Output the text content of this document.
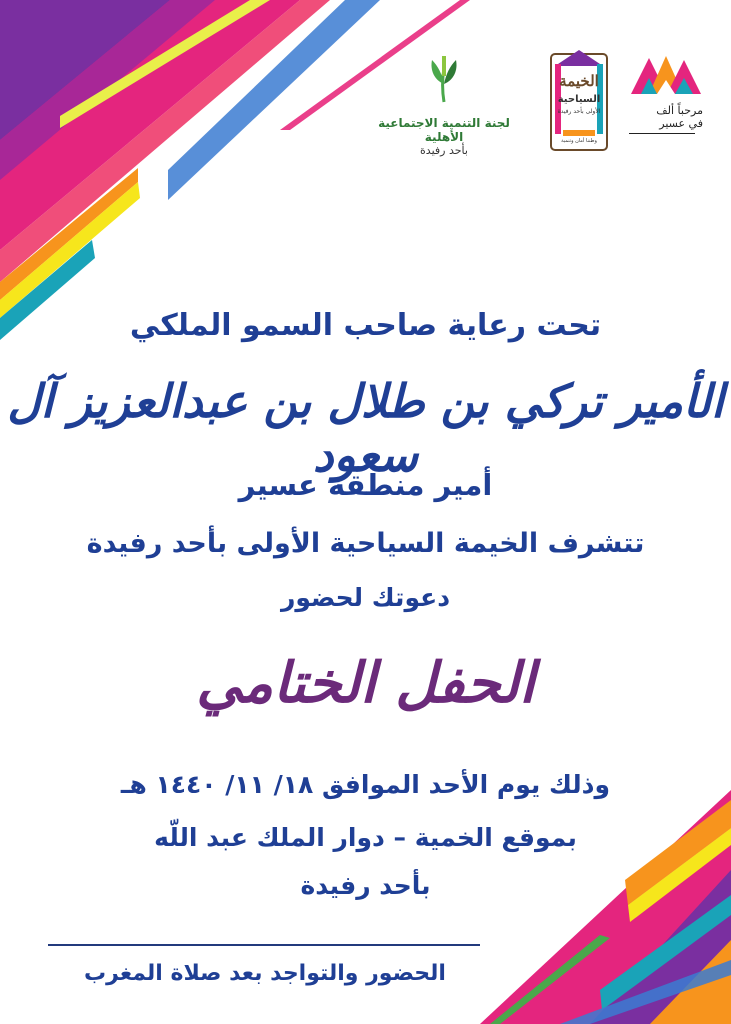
مرحباً ألف
في عسير
الخيمة
السياحية
الأولى بأحد رفيدة
وطننا أمان وتنمية
لجنة التنمية الاجتماعية الأهلية
بأحد رفيدة
تحت رعاية صاحب السمو الملكي
الأمير تركي بن طلال بن عبدالعزيز آل سعود
أمير منطقة عسير
تتشرف الخيمة السياحية الأولى بأحد رفيدة
دعوتك لحضور
الحفل الختامي
وذلك يوم الأحد الموافق ١٨/ ١١/ ١٤٤٠ هـ
بموقع الخمية – دوار الملك عبد اللّه
بأحد رفيدة
الحضور والتواجد بعد صلاة المغرب
